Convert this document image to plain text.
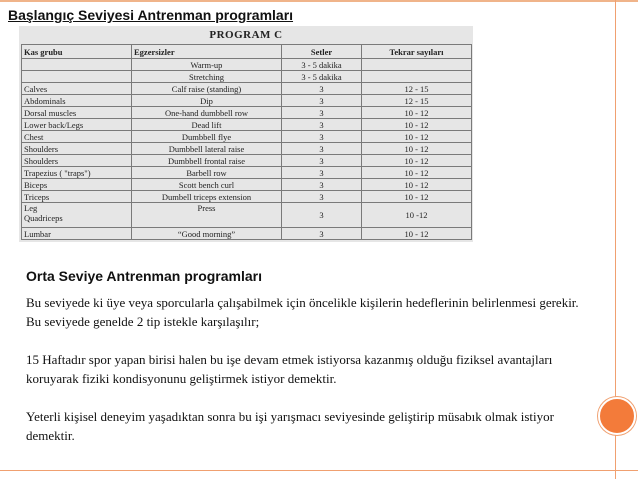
Başlangıç Seviyesi Antrenman programları
PROGRAM C
Kas grubu	Egzersizler	Setler	Tekrar sayıları
	Warm-up	3 - 5 dakika	
	Stretching	3 - 5 dakika	
Calves	Calf raise (standing)	3	12 - 15
Abdominals	Dip	3	12 - 15
Dorsal muscles	One-hand dumbbell row	3	10 - 12
Lower back/Legs	Dead lift	3	10 - 12
Chest	Dumbbell flye	3	10 - 12
Shoulders	Dumbbell lateral raise	3	10 - 12
Shoulders	Dumbbell frontal raise	3	10 - 12
Trapezius ( "traps")	Barbell row	3	10 - 12
Biceps	Scott bench curl	3	10 - 12
Triceps	Dumbell triceps extension	3	10 - 12

Leg
Quadriceps	Press	3	10 -12
Lumbar	“Good morning”	3	10 - 12
Orta Seviye Antrenman programları

Bu seviyede ki üye veya sporcularla çalışabilmek için öncelikle kişilerin hedeflerinin belirlenmesi gerekir. Bu seviyede genelde 2 tip istekle karşılaşılır;

15 Haftadır spor yapan birisi halen bu işe devam etmek istiyorsa kazanmış olduğu fiziksel avantajları koruyarak fiziki kondisyonunu geliştirmek istiyor demektir.

Yeterli kişisel deneyim yaşadıktan sonra bu işi yarışmacı seviyesinde geliştirip müsabık olmak istiyor demektir.
